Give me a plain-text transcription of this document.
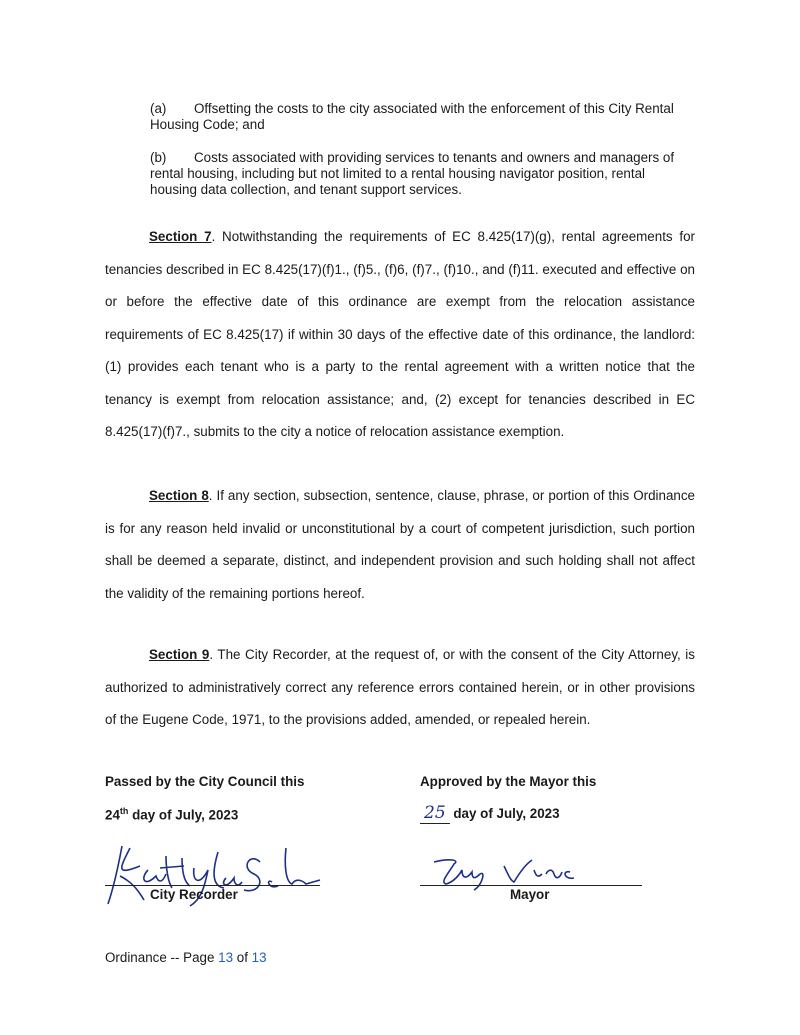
(a) Offsetting the costs to the city associated with the enforcement of this City Rental Housing Code; and
(b) Costs associated with providing services to tenants and owners and managers of rental housing, including but not limited to a rental housing navigator position, rental housing data collection, and tenant support services.
Section 7. Notwithstanding the requirements of EC 8.425(17)(g), rental agreements for tenancies described in EC 8.425(17)(f)1., (f)5., (f)6, (f)7., (f)10., and (f)11. executed and effective on or before the effective date of this ordinance are exempt from the relocation assistance requirements of EC 8.425(17) if within 30 days of the effective date of this ordinance, the landlord: (1) provides each tenant who is a party to the rental agreement with a written notice that the tenancy is exempt from relocation assistance; and, (2) except for tenancies described in EC 8.425(17)(f)7., submits to the city a notice of relocation assistance exemption.
Section 8. If any section, subsection, sentence, clause, phrase, or portion of this Ordinance is for any reason held invalid or unconstitutional by a court of competent jurisdiction, such portion shall be deemed a separate, distinct, and independent provision and such holding shall not affect the validity of the remaining portions hereof.
Section 9. The City Recorder, at the request of, or with the consent of the City Attorney, is authorized to administratively correct any reference errors contained herein, or in other provisions of the Eugene Code, 1971, to the provisions added, amended, or repealed herein.
Passed by the City Council this
24th day of July, 2023
City Recorder
Approved by the Mayor this
25 day of July, 2023
Mayor
Ordinance -- Page 13 of 13
